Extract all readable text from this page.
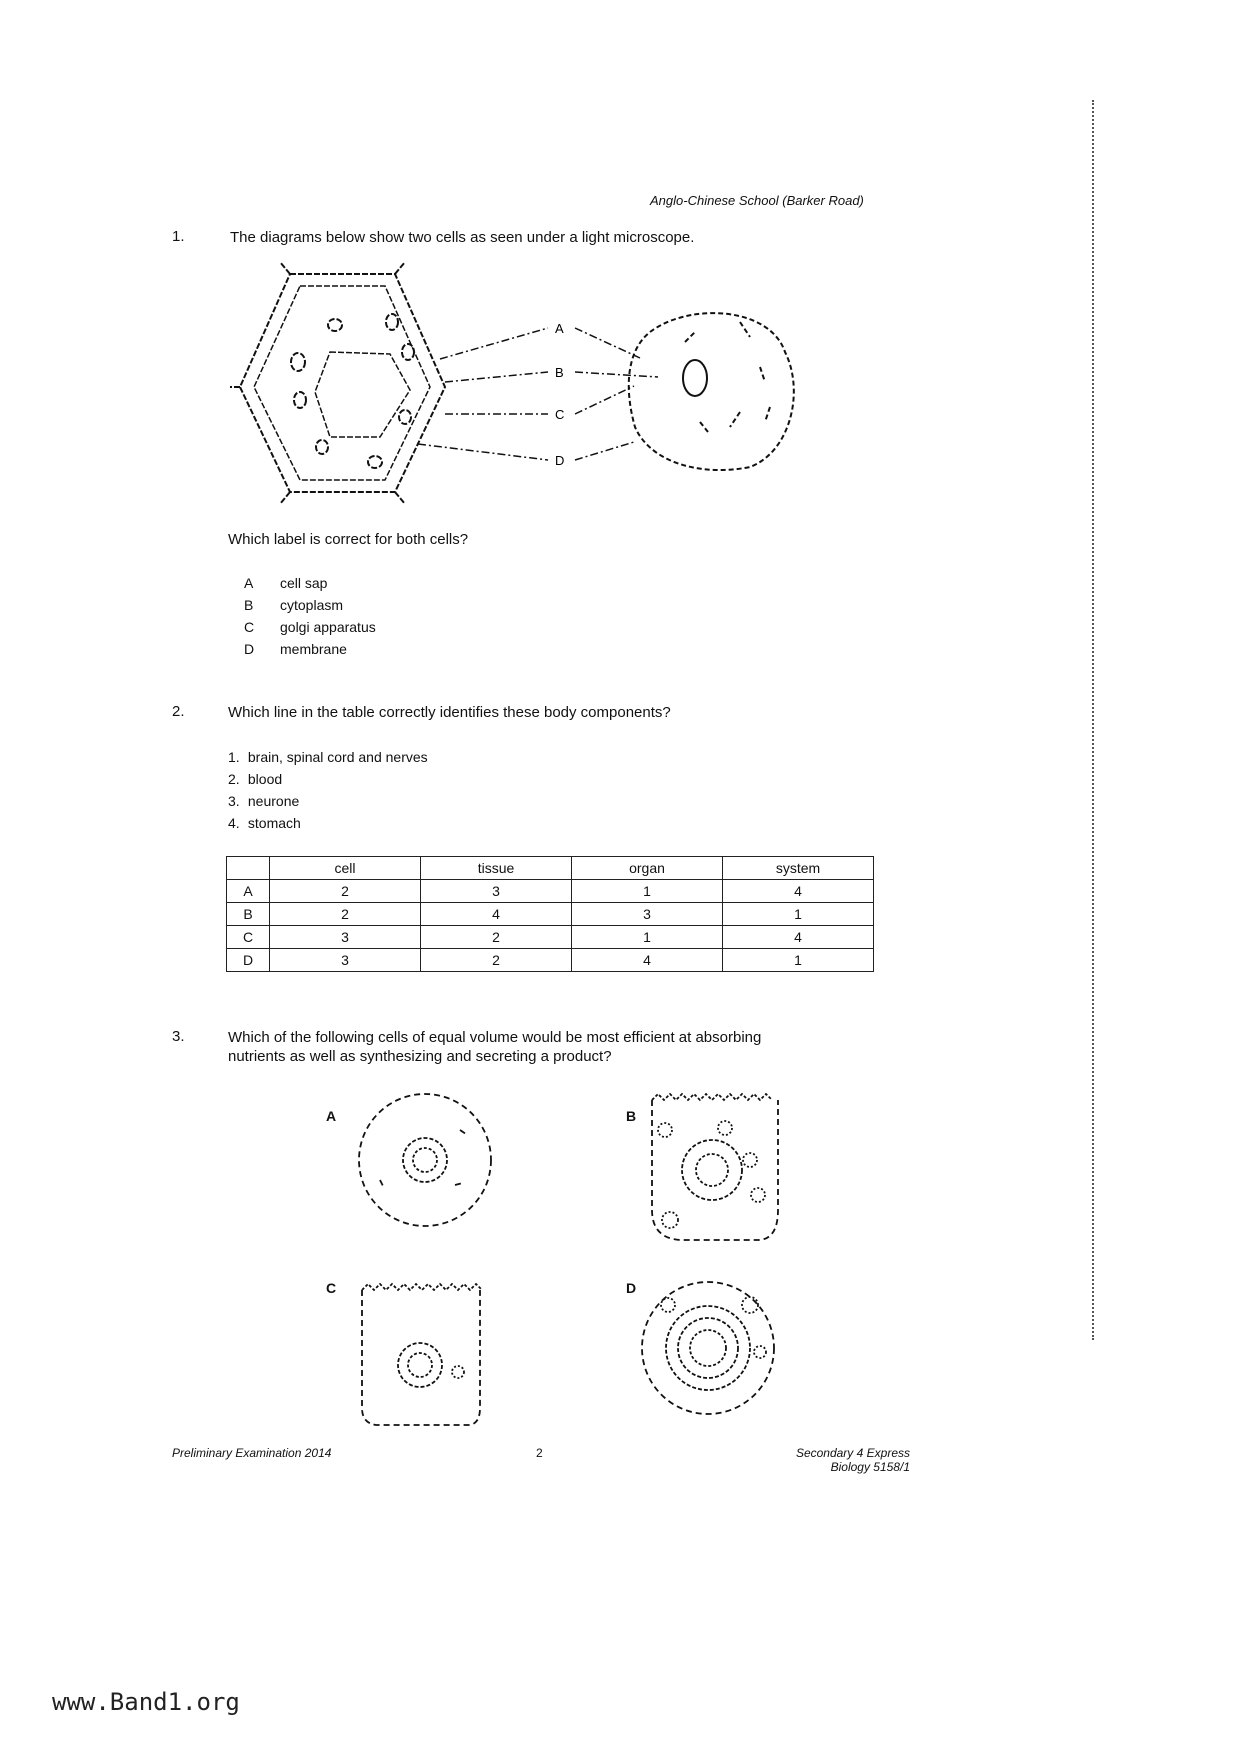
Anglo-Chinese School (Barker Road)
1.	The diagrams below show two cells as seen under a light microscope.
A
B
C
D
Which label is correct for both cells?
A cell sap
B cytoplasm
C golgi apparatus
D membrane
2.	Which line in the table correctly identifies these body components?
1. brain, spinal cord and nerves
2. blood
3. neurone
4. stomach
	cell	tissue	organ	system
A	2	3	1	4
B	2	4	3	1
C	3	2	1	4
D	3	2	4	1
3.	Which of the following cells of equal volume would be most efficient at absorbing
nutrients as well as synthesizing and secreting a product?
A	B
C	D
Preliminary Examination 2014	2	Secondary 4 Express
Biology 5158/1
www.Band1.org
